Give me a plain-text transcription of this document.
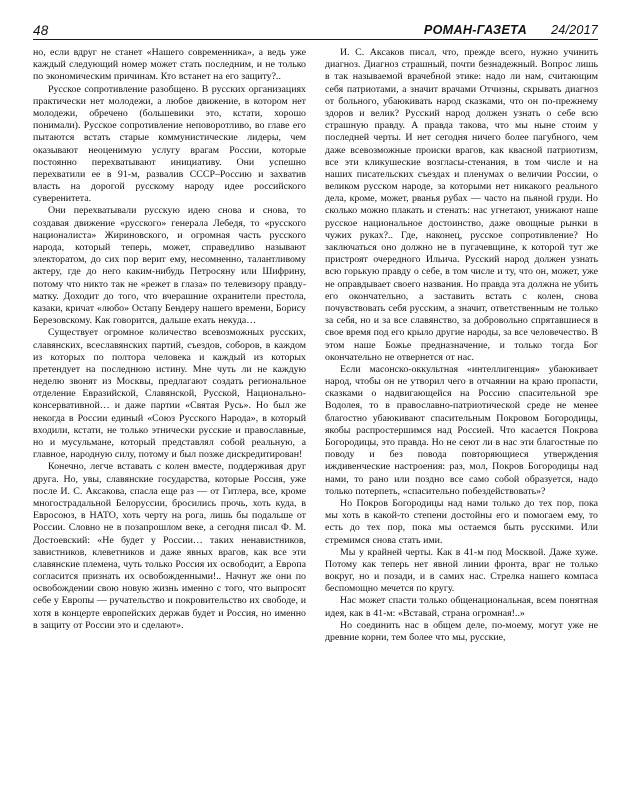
48	РОМАН-ГАЗЕТА 24/2017

но, если вдруг не станет «Нашего современника», а ведь уже каждый следующий номер может стать последним, и не только по экономическим причинам. Кто встанет на его защиту?..

Русское сопротивление разобщено. В русских организациях практически нет молодежи, а любое движение, в котором нет молодежи, обречено (большевики это, кстати, хорошо понимали). Русское сопротивление неповоротливо, во главе его пытаются встать старые коммунистические лидеры, чем оказывают неоценимую услугу врагам России, которые постоянно перехватывают инициативу. Они успешно перехватили ее в 91-м, развалив СССР–Россию и захватив власть на дорогой русскому народу идее российского суверенитета.

Они перехватывали русскую идею снова и снова, то создавая движение «русского» генерала Лебедя, то «русского националиста» Жириновского, и огромная часть русского народа, который теперь, может, справедливо называют электоратом, до сих пор верит ему, несомненно, талантливому актеру, где до него каким-нибудь Петросяну или Шифрину, потому что никто так не «режет в глаза» по телевизору правду-матку. Доходит до того, что вчерашние охранители престола, казаки, кричат «любо» Остапу Бендеру нашего времени, Борису Березовскому. Как говорится, дальше ехать некуда…

Существует огромное количество всевозможных русских, славянских, всеславянских партий, съездов, соборов, в каждом из которых по полтора человека и каждый из которых претендует на последнюю истину. Мне чуть ли не каждую неделю звонят из Москвы, предлагают создать региональное отделение Евразийской, Славянской, Русской, Национально-консервативной… и даже партии «Святая Русь». Но был же некогда в России единый «Союз Русского Народа», в который входили, кстати, не только этнически русские и православные, но и мусульмане, который представлял собой реальную, а главное, народную силу, потому и был позже дискредитирован!

Конечно, легче вставать с колен вместе, поддерживая друг друга. Но, увы, славянские государства, которые Россия, уже после И. С. Аксакова, спасла еще раз — от Гитлера, все, кроме многострадальной Белоруссии, бросились прочь, хоть куда, в Евросоюз, в НАТО, хоть черту на рога, лишь бы подальше от России. Словно не в позапрошлом веке, а сегодня писал Ф. М. Достоевский: «Не будет у России… таких ненавистников, завистников, клеветников и даже явных врагов, как все эти славянские племена, чуть только Россия их освободит, а Европа согласится признать их освобожденными!.. Начнут же они по освобождении свою новую жизнь именно с того, что выпросят себе у Европы — ручательство и покровительство их свободе, и хотя в концерте европейских держав будет и Россия, но именно в защиту от России это и сделают».

И. С. Аксаков писал, что, прежде всего, нужно учинить диагноз. Диагноз страшный, почти безнадежный. Вопрос лишь в так называемой врачебной этике: надо ли нам, считающим себя патриотами, а значит врачами Отчизны, скрывать диагноз от больного, убаюкивать народ сказками, что он по-прежнему здоров и велик? Русский народ должен узнать о себе всю страшную правду. А правда такова, что мы ныне стоим у последней черты. И нет сегодня ничего более пагубного, чем даже всевозможные происки врагов, как квасной патриотизм, все эти кликушеские возгласы-стенания, в том числе и на наших писательских съездах и пленумах о величии России, о великом русском народе, за которыми нет никакого реального дела, кроме, может, рванья рубах — часто на пьяной груди. Но сколько можно плакать и стенать: нас угнетают, унижают наше русское национальное достоинство, даже овощные рынки в чужих руках?.. Где, наконец, русское сопротивление? Но заключаться оно должно не в пугачевщине, к которой тут же пристроят очередного Ильича. Русский народ должен узнать всю горькую правду о себе, в том числе и ту, что он, может, уже не оправдывает своего названия. Но правда эта должна не убить его окончательно, а заставить встать с колен, снова почувствовать себя русским, а значит, ответственным не только за себя, но и за все славянство, за добровольно спрятавшиеся в свое время под его крыло другие народы, за все человечество. В этом наше Божье предназначение, и только тогда Бог окончательно не отвернется от нас.

Если масонско-оккультная «интеллигенция» убаюкивает народ, чтобы он не утворил чего в отчаянии на краю пропасти, сказками о надвигающейся на Россию спасительной эре Водолея, то в православно-патриотической среде не менее благостно убаюкивают спасительным Покровом Богородицы, якобы распростершимся над Россией. Что касается Покрова Богородицы, это правда. Но не сеют ли в нас эти благостные по поводу и без повода повторяющиеся утверждения иждивенческие настроения: раз, мол, Покров Богородицы над нами, то рано или поздно все само собой образуется, надо только потерпеть, «спасительно побездействовать»?

Но Покров Богородицы над нами только до тех пор, пока мы хоть в какой-то степени достойны его и помогаем ему, то есть до тех пор, пока мы остаемся быть русскими. Или стремимся снова стать ими.

Мы у крайней черты. Как в 41-м под Москвой. Даже хуже. Потому как теперь нет явной линии фронта, враг не только вокруг, но и позади, и в самих нас. Стрелка нашего компаса беспомощно мечется по кругу.

Нас может спасти только общенациональная, всем понятная идея, как в 41-м: «Вставай, страна огромная!..»

Но соединить нас в общем деле, по-моему, могут уже не древние корни, тем более что мы, русские,
